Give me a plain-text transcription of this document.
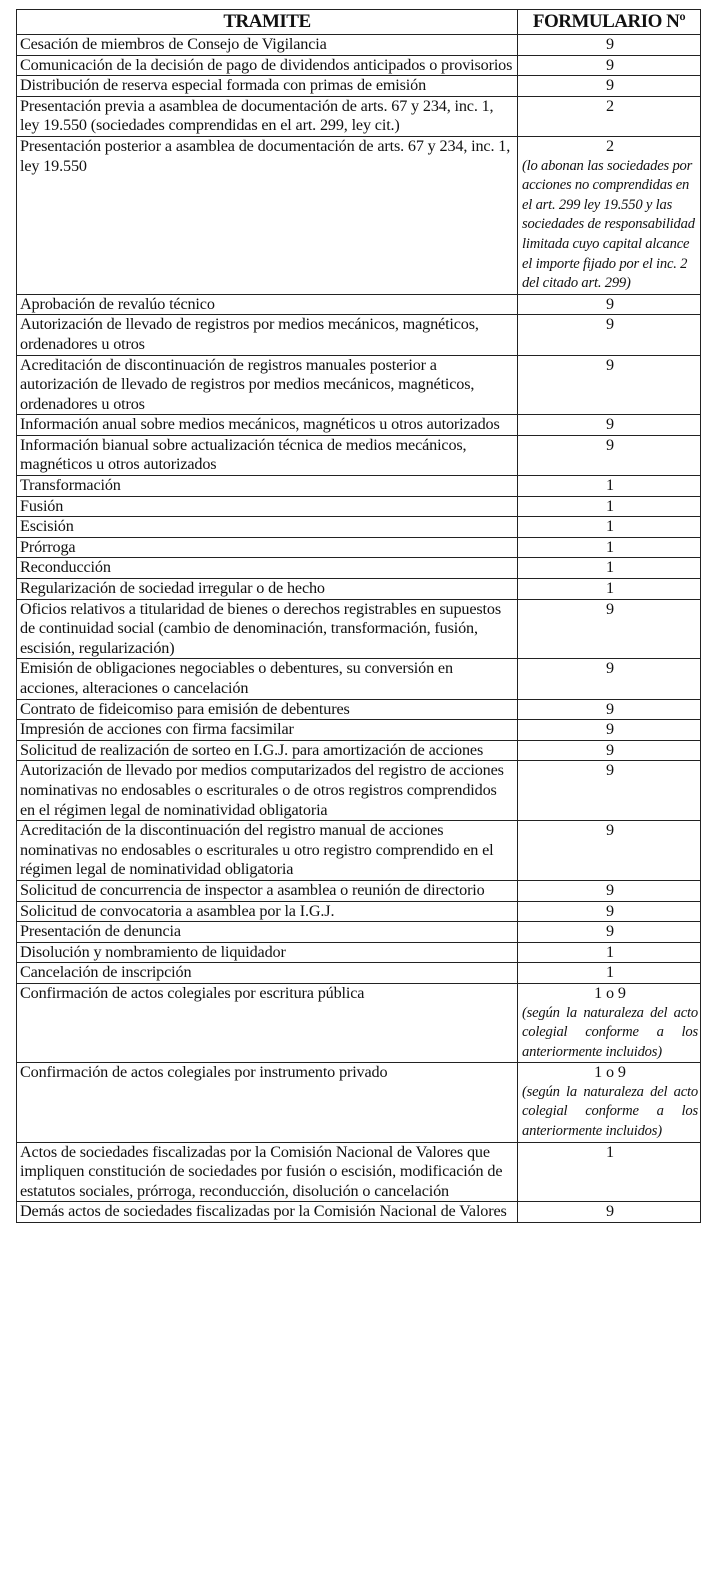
TRAMITE	FORMULARIO Nº
Cesación de miembros de Consejo de Vigilancia	9

Comunicación de la decisión de pago de dividendos anticipados o provisorios	9

Distribución de reserva especial formada con primas de emisión	9

Presentación previa a asamblea de documentación de arts. 67 y 234, inc. 1, ley 19.550 (sociedades comprendidas en el art. 299, ley cit.)	2

Presentación posterior a asamblea de documentación de arts. 67 y 234, inc. 1, ley 19.550	2
(lo abonan las sociedades por acciones no comprendidas en el art. 299 ley 19.550 y las sociedades de responsabilidad limitada cuyo capital alcance el importe fijado por el inc. 2 del citado art. 299)

Aprobación de revalúo técnico	9

Autorización de llevado de registros por medios mecánicos, magnéticos, ordenadores u otros	9

Acreditación de discontinuación de registros manuales posterior a autorización de llevado de registros por medios mecánicos, magnéticos, ordenadores u otros	9

Información anual sobre medios mecánicos, magnéticos u otros autorizados	9

Información bianual sobre actualización técnica de medios mecánicos, magnéticos u otros autorizados	9

Transformación	1

Fusión	1

Escisión	1

Prórroga	1

Reconducción	1

Regularización de sociedad irregular o de hecho	1

Oficios relativos a titularidad de bienes o derechos registrables en supuestos de continuidad social (cambio de denominación, transformación, fusión, escisión, regularización)	9

Emisión de obligaciones negociables o debentures, su conversión en acciones, alteraciones o cancelación	9

Contrato de fideicomiso para emisión de debentures	9

Impresión de acciones con firma facsimilar	9

Solicitud de realización de sorteo en I.G.J. para amortización de acciones	9

Autorización de llevado por medios computarizados del registro de acciones nominativas no endosables o escriturales o de otros registros comprendidos en el régimen legal de nominatividad obligatoria	9

Acreditación de la discontinuación del registro manual de acciones nominativas no endosables o escriturales u otro registro comprendido en el régimen legal de nominatividad obligatoria	9

Solicitud de concurrencia de inspector a asamblea o reunión de directorio	9

Solicitud de convocatoria a asamblea por la I.G.J.	9

Presentación de denuncia	9

Disolución y nombramiento de liquidador	1

Cancelación de inscripción	1

Confirmación de actos colegiales por escritura pública	1 o 9
(según la naturaleza del acto colegial conforme a los anteriormente incluidos)

Confirmación de actos colegiales por instrumento privado	1 o 9
(según la naturaleza del acto colegial conforme a los anteriormente incluidos)

Actos de sociedades fiscalizadas por la Comisión Nacional de Valores que impliquen constitución de sociedades por fusión o escisión, modificación de estatutos sociales, prórroga, reconducción, disolución o cancelación	1

Demás actos de sociedades fiscalizadas por la Comisión Nacional de Valores	9
